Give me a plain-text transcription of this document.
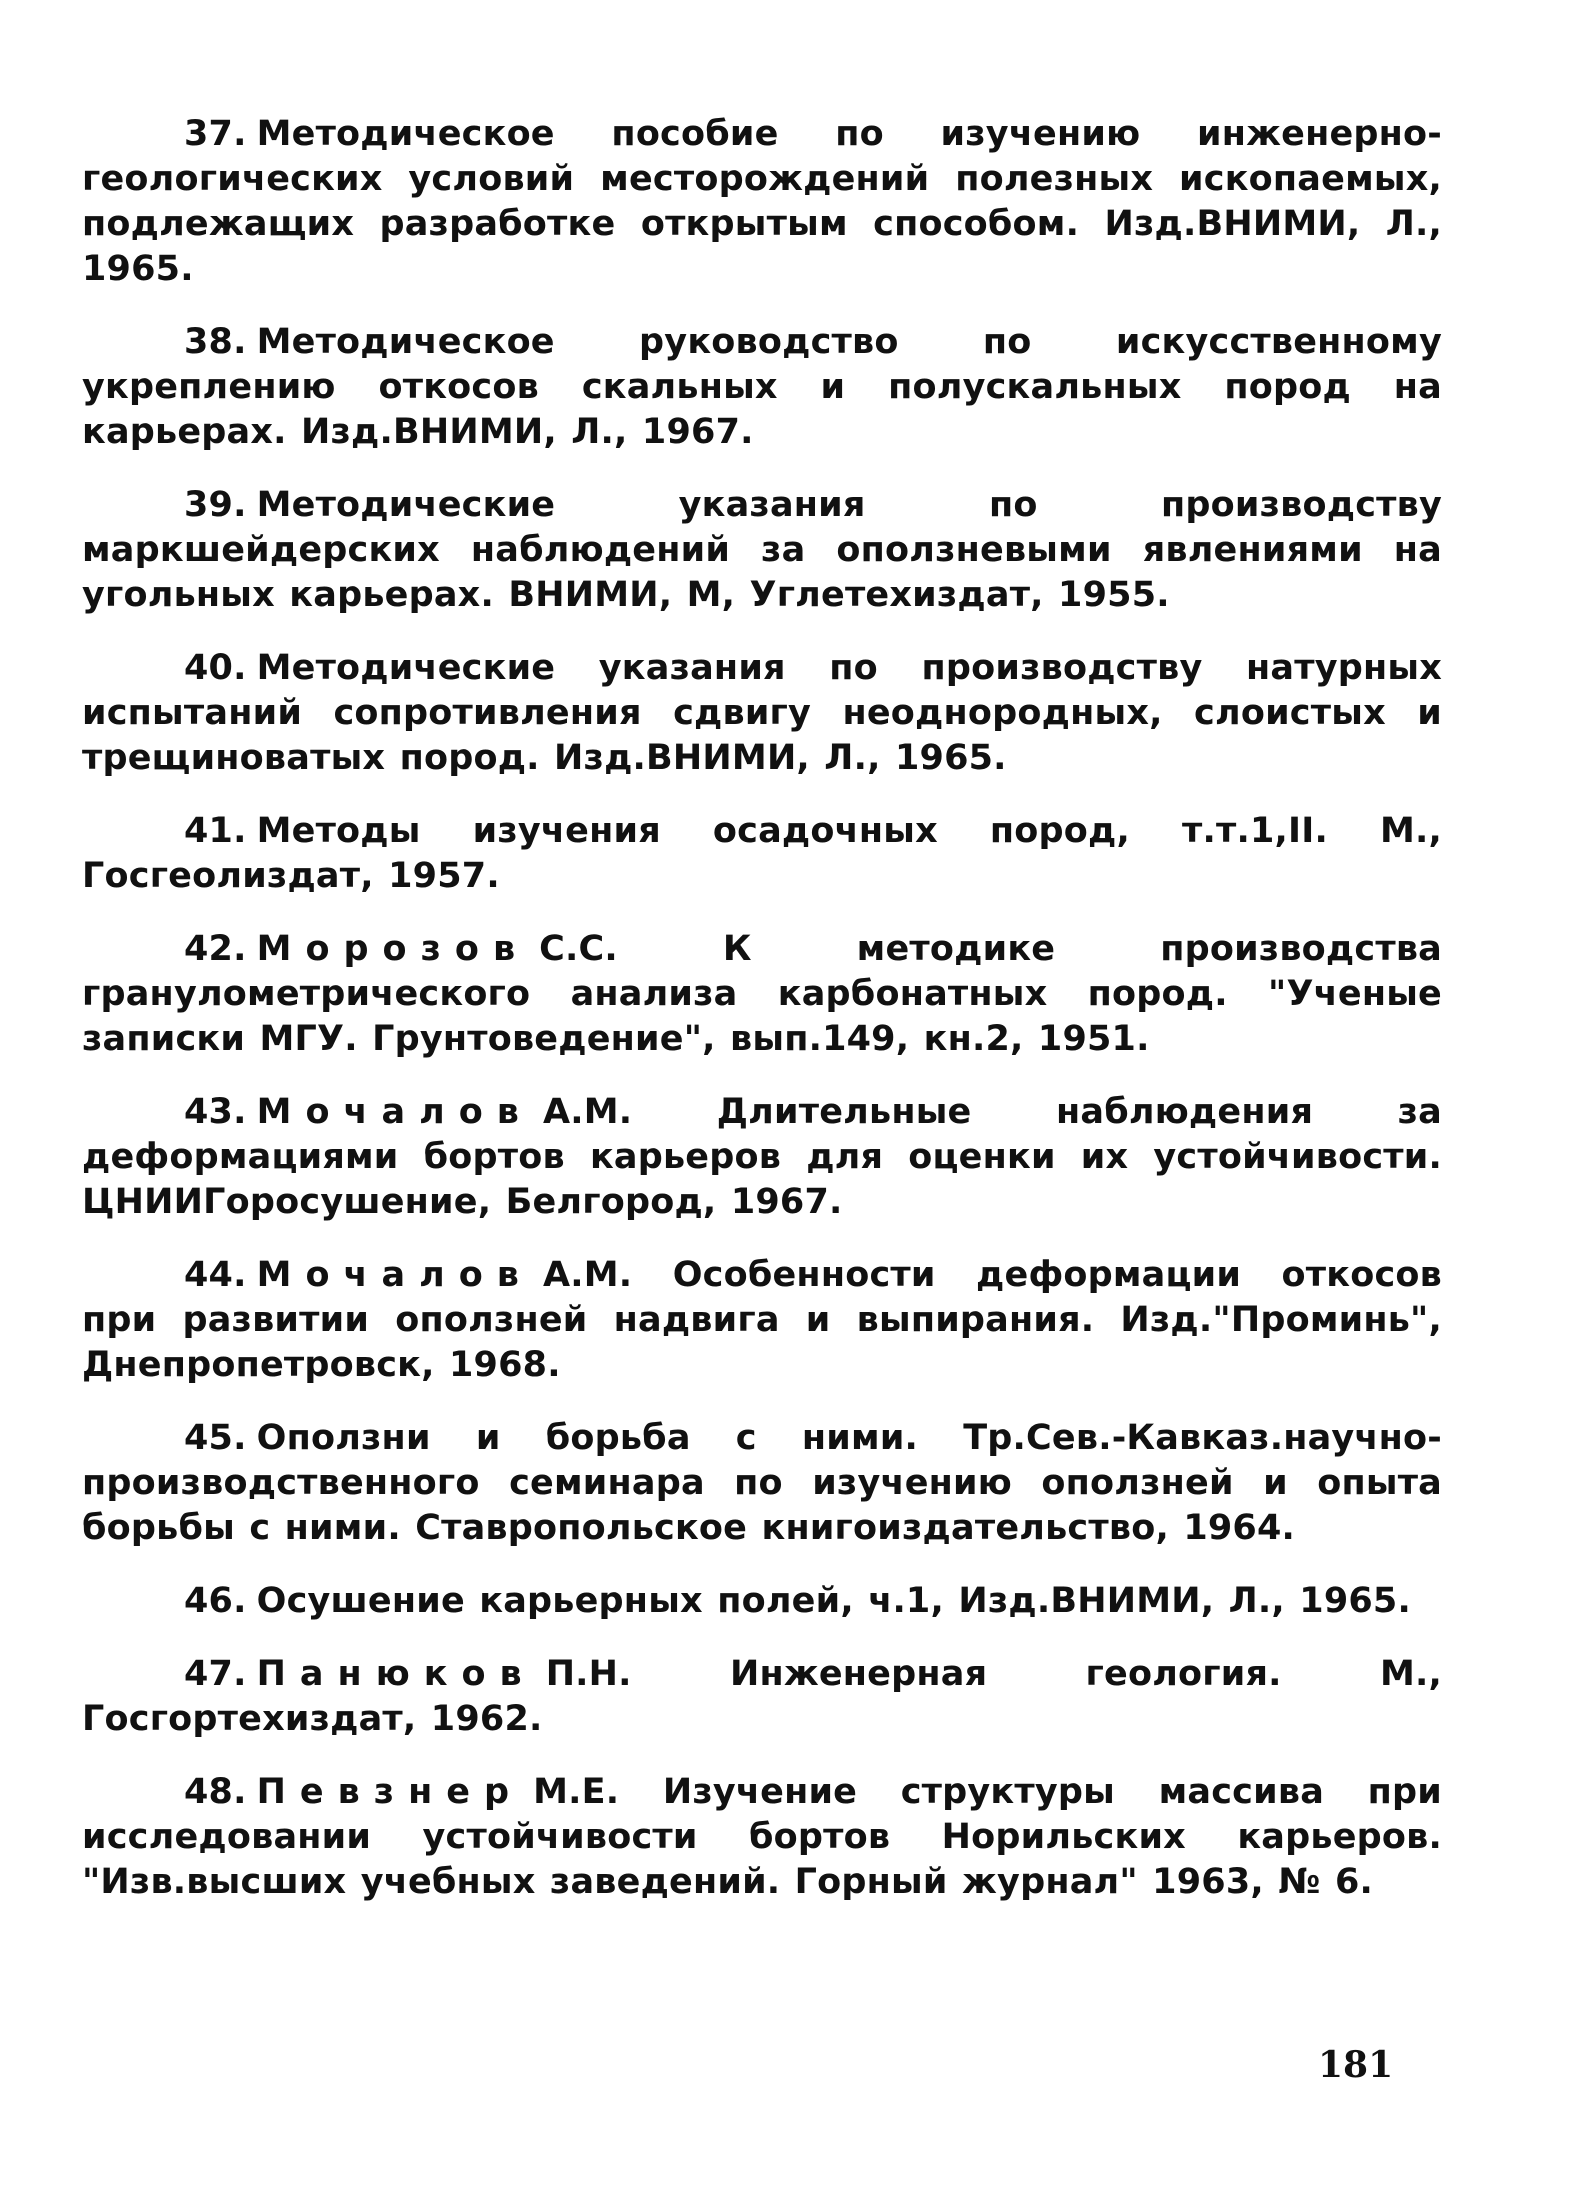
37. Методическое пособие по изучению инженерно-геологических условий месторождений полезных ископаемых, подлежащих разработке открытым способом. Изд.ВНИМИ, Л., 1965.
38. Методическое руководство по искусственному укреплению откосов скальных и полускальных пород на карьерах. Изд.ВНИМИ, Л., 1967.
39. Методические указания по производству маркшейдерских наблюдений за оползневыми явлениями на угольных карьерах. ВНИМИ, М, Углетехиздат, 1955.
40. Методические указания по производству натурных испытаний сопротивления сдвигу неоднородных, слоистых и трещиноватых пород. Изд.ВНИМИ, Л., 1965.
41. Методы изучения осадочных пород, т.т.1,II. М., Госгеолиздат, 1957.
42. Морозов С.С. К методике производства гранулометрического анализа карбонатных пород. "Ученые записки МГУ. Грунтоведение", вып.149, кн.2, 1951.
43. Мочалов А.М. Длительные наблюдения за деформациями бортов карьеров для оценки их устойчивости. ЦНИИГоросушение, Белгород, 1967.
44. Мочалов А.М. Особенности деформации откосов при развитии оползней надвига и выпирания. Изд."Проминь", Днепропетровск, 1968.
45. Оползни и борьба с ними. Тр.Сев.-Кавказ.научно-производственного семинара по изучению оползней и опыта борьбы с ними. Ставропольское книгоиздательство, 1964.
46. Осушение карьерных полей, ч.1, Изд.ВНИМИ, Л., 1965.
47. Панюков П.Н. Инженерная геология. М., Госгортехиздат, 1962.
48. Певзнер М.Е. Изучение структуры массива при исследовании устойчивости бортов Норильских карьеров. "Изв.высших учебных заведений. Горный журнал" 1963, № 6.
181
